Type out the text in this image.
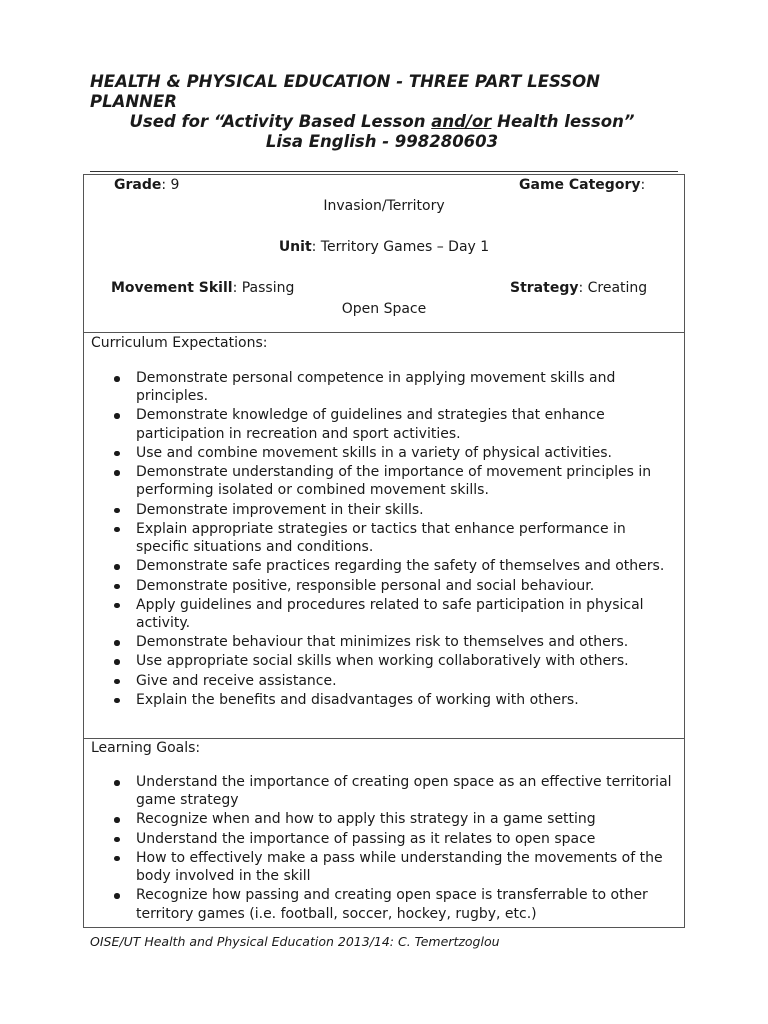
HEALTH & PHYSICAL EDUCATION - THREE PART LESSON
PLANNER
Used for “Activity Based Lesson and/or Health lesson”
Lisa English - 998280603
Grade: 9	Game Category:
Invasion/Territory
Unit: Territory Games – Day 1
Movement Skill: Passing	Strategy: Creating
Open Space
Curriculum Expectations:
Demonstrate personal competence in applying movement skills and principles.
Demonstrate knowledge of guidelines and strategies that enhance participation in recreation and sport activities.
Use and combine movement skills in a variety of physical activities.
Demonstrate understanding of the importance of movement principles in performing isolated or combined movement skills.
Demonstrate improvement in their skills.
Explain appropriate strategies or tactics that enhance performance in specific situations and conditions.
Demonstrate safe practices regarding the safety of themselves and others.
Demonstrate positive, responsible personal and social behaviour.
Apply guidelines and procedures related to safe participation in physical activity.
Demonstrate behaviour that minimizes risk to themselves and others.
Use appropriate social skills when working collaboratively with others.
Give and receive assistance.
Explain the benefits and disadvantages of working with others.
Learning Goals:
Understand the importance of creating open space as an effective territorial game strategy
Recognize when and how to apply this strategy in a game setting
Understand the importance of passing as it relates to open space
How to effectively make a pass while understanding the movements of the body involved in the skill
Recognize how passing and creating open space is transferrable to other territory games (i.e. football, soccer, hockey, rugby, etc.)
OISE/UT Health and Physical Education 2013/14: C. Temertzoglou
